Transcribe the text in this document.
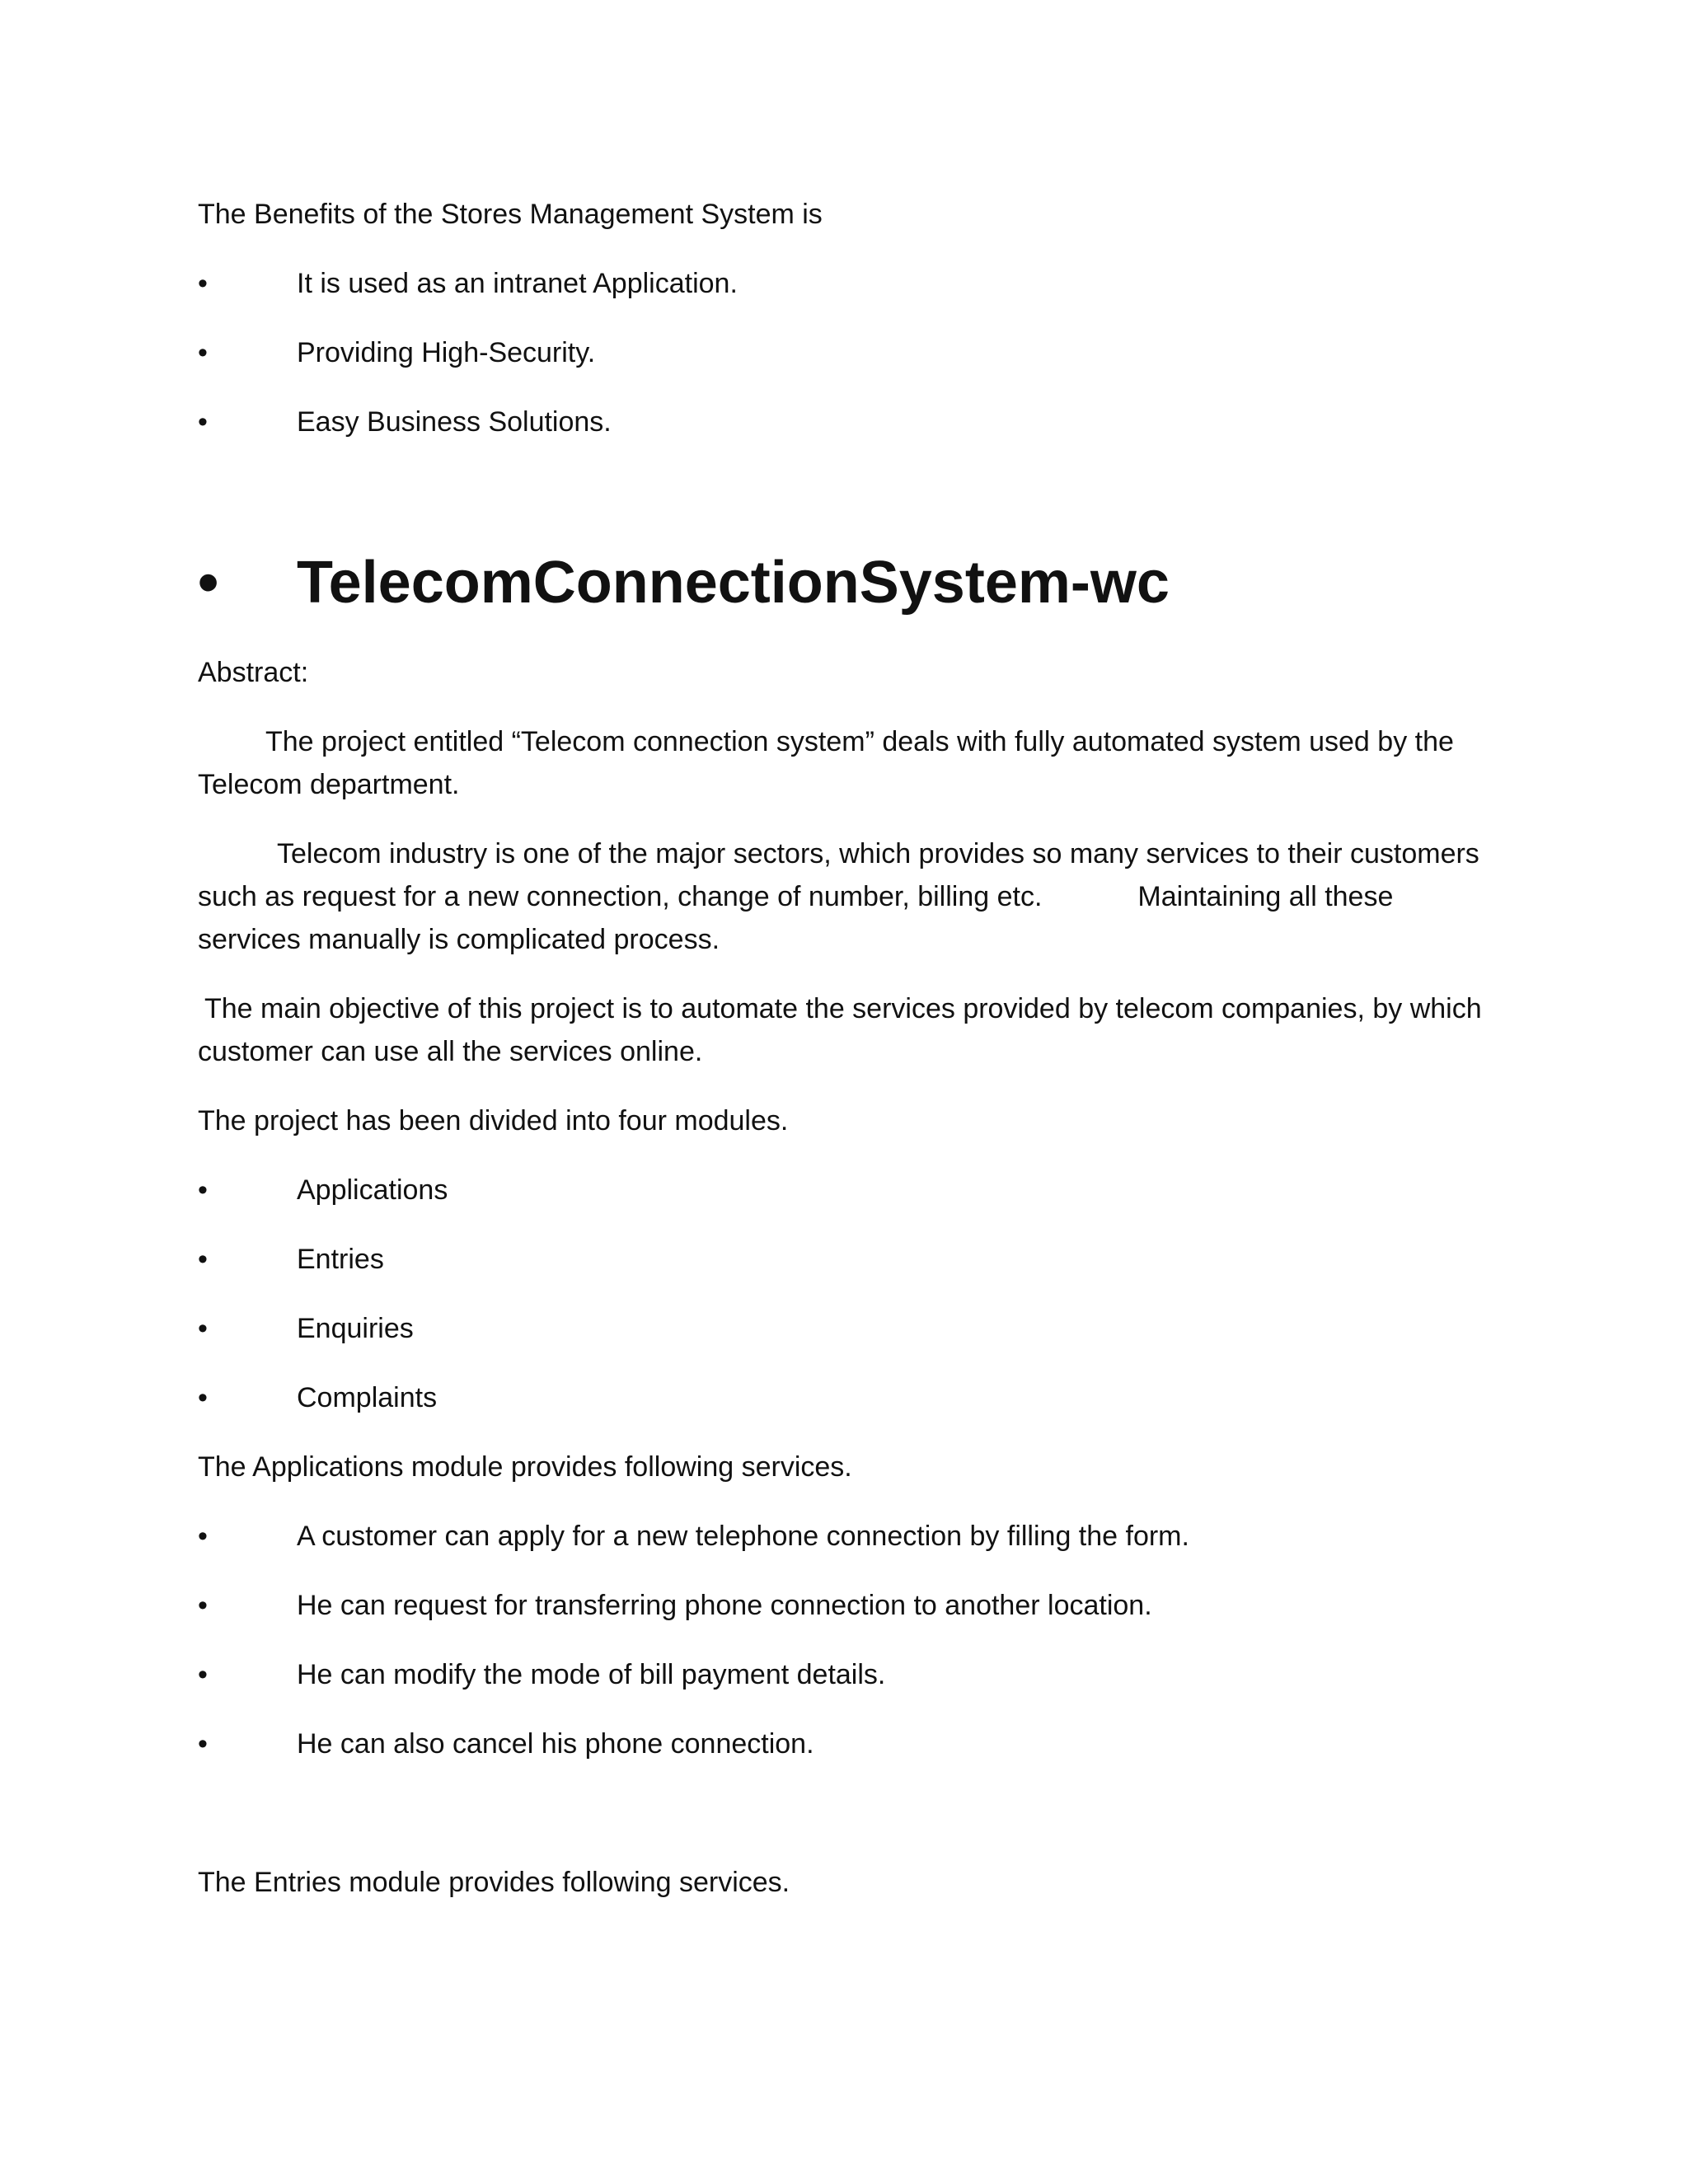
The Benefits of the Stores Management System is
•	It is used as an intranet Application.
•	Providing High-Security.
•	Easy Business Solutions.
• TelecomConnectionSystem-wc
Abstract:
The project entitled “Telecom connection system” deals with fully automated system used by the
Telecom department.
Telecom industry is one of the major sectors, which provides so many services to their customers
such as request for a new connection, change of number, billing etc.	Maintaining all these
services manually is complicated process.
The main objective of this project is to automate the services provided by telecom companies, by which
customer can use all the services online.
The project has been divided into four modules.
•	Applications
•	Entries
•	Enquiries
•	Complaints
The Applications module provides following services.
•	A customer can apply for a new telephone connection by filling the form.
•	He can request for transferring phone connection to another location.
•	He can modify the mode of bill payment details.
•	He can also cancel his phone connection.
The Entries module provides following services.
